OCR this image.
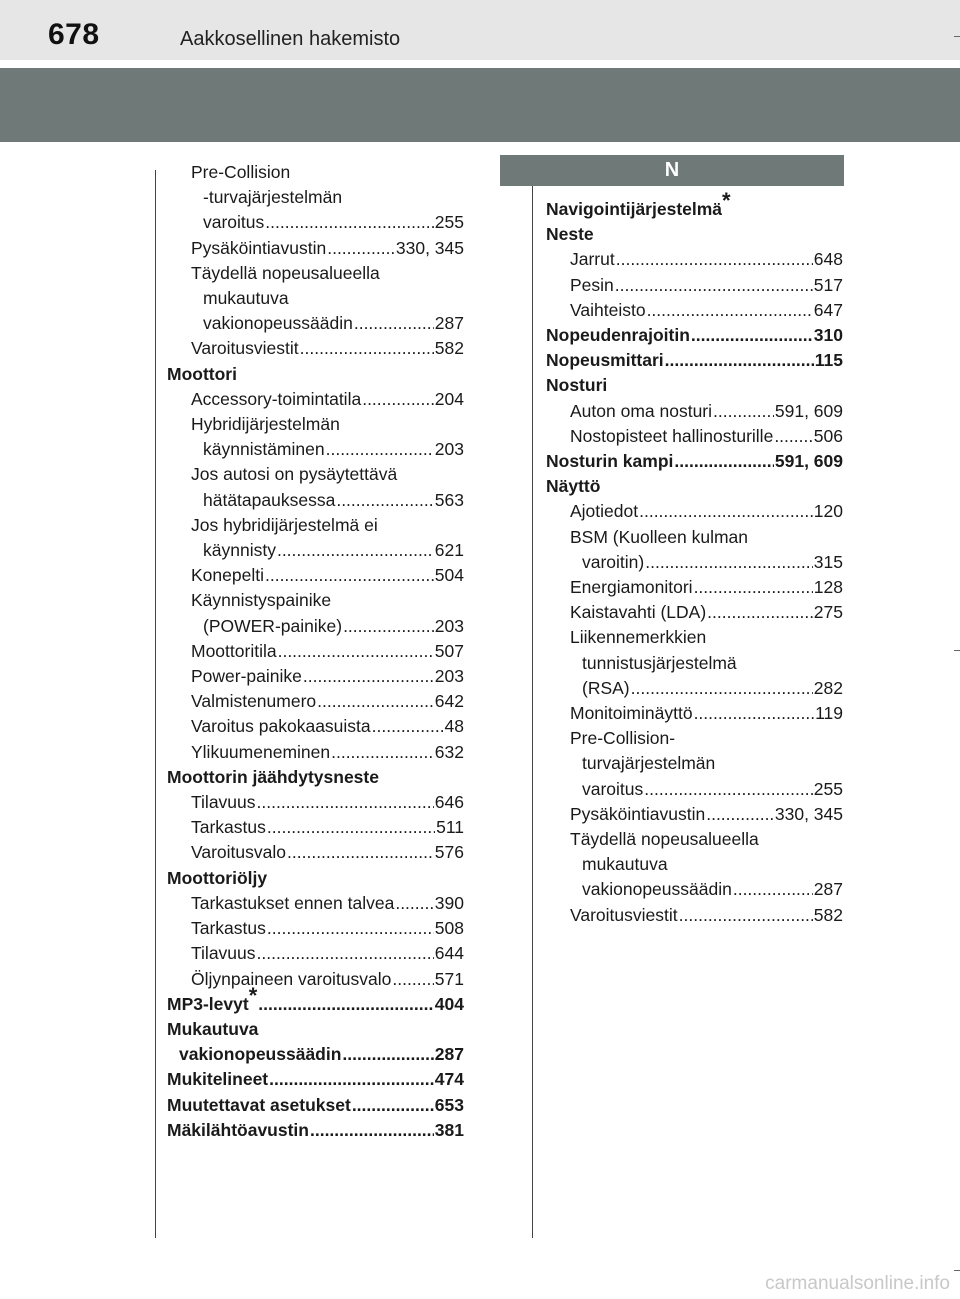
678	Aakkosellinen hakemisto
N
Pre-Collision
-turvajärjestelmän
varoitus .....	255
Pysäköintiavustin .....	330, 345
Täydellä nopeusalueella
mukautuva
vakionopeussäädin .....	287
Varoitusviestit .....	582
Moottori
Accessory-toimintatila .....	204
Hybridijärjestelmän
käynnistäminen .....	203
Jos autosi on pysäytettävä
hätätapauksessa .....	563
Jos hybridijärjestelmä ei
käynnisty .....	621
Konepelti .....	504
Käynnistyspainike
(POWER-painike) .....	203
Moottoritila .....	507
Power-painike .....	203
Valmistenumero .....	642
Varoitus pakokaasuista .....	48
Ylikuumeneminen .....	632
Moottorin jäähdytysneste
Tilavuus .....	646
Tarkastus .....	511
Varoitusvalo .....	576
Moottoriöljy
Tarkastukset ennen talvea ..... 390
Tarkastus .....	508
Tilavuus .....	644
Öljynpaineen varoitusvalo ..... 571
MP3-levyt * .....	404
Mukautuva
vakionopeussäädin .....	287
Mukitelineet .....	474
Muutettavat asetukset .....	653
Mäkilähtöavustin .....	381
Navigointijärjestelmä *
Neste
Jarrut .....	648
Pesin .....	517
Vaihteisto .....	647
Nopeudenrajoitin .....	310
Nopeusmittari .....	115
Nosturi
Auton oma nosturi .....	591, 609
Nostopisteet hallinosturille ..... 506
Nosturin kampi .....	591, 609
Näyttö
Ajotiedot .....	120
BSM (Kuolleen kulman
varoitin) .....	315
Energiamonitori .....	128
Kaistavahti (LDA) .....	275
Liikennemerkkien
tunnistusjärjestelmä
(RSA) .....	282
Monitoiminäyttö .....	119
Pre-Collision-
turvajärjestelmän
varoitus .....	255
Pysäköintiavustin .....	330, 345
Täydellä nopeusalueella
mukautuva
vakionopeussäädin .....	287
Varoitusviestit .....	582
carmanualsonline.info
